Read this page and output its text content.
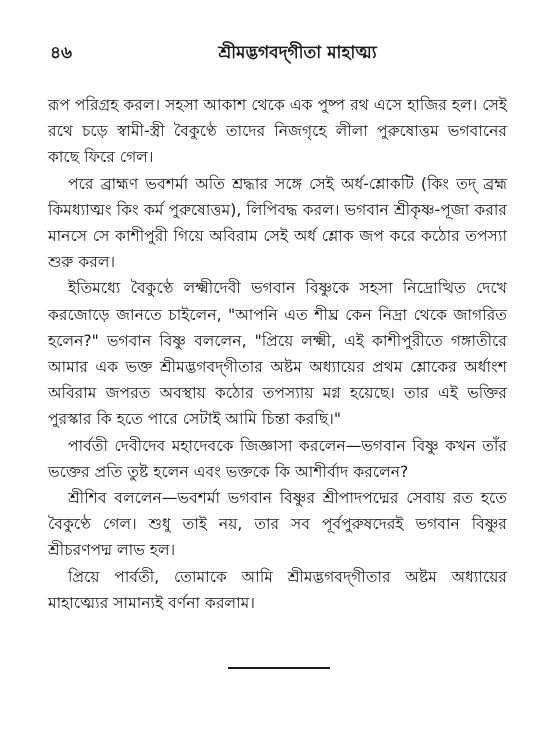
৪৬	শ্রীমদ্ভগবদ্‌গীতা মাহাত্ম্য

রূপ পরিগ্রহ করল। সহসা আকাশ থেকে এক পুষ্প রথ এসে হাজির হল। সেই রথে চড়ে স্বামী-স্ত্রী বৈকুণ্ঠে তাদের নিজগৃহে লীলা পুরুষোত্তম ভগবানের কাছে ফিরে গেল।

পরে ব্রাহ্মণ ভবশর্মা অতি শ্রদ্ধার সঙ্গে সেই অর্ধ-শ্লোকটি (কিং তদ্ ব্রহ্ম কিমধ্যাত্মং কিং কর্ম পুরুষোত্তম), লিপিবদ্ধ করল। ভগবান শ্রীকৃষ্ণ-পূজা করার মানসে সে কাশীপুরী গিয়ে অবিরাম সেই অর্ধ শ্লোক জপ করে কঠোর তপস্যা শুরু করল।

ইতিমধ্যে বৈকুণ্ঠে লক্ষ্মীদেবী ভগবান বিষ্ণুকে সহসা নিদ্রোত্থিত দেখে করজোড়ে জানতে চাইলেন, "আপনি এত শীঘ্র কেন নিদ্রা থেকে জাগরিত হলেন?" ভগবান বিষ্ণু বললেন, "প্রিয়ে লক্ষ্মী, এই কাশীপুরীতে গঙ্গাতীরে আমার এক ভক্ত শ্রীমদ্ভগবদ্‌গীতার অষ্টম অধ্যায়ের প্রথম শ্লোকের অর্ধাংশ অবিরাম জপরত অবস্থায় কঠোর তপস্যায় মগ্ন হয়েছে। তার এই ভক্তির পুরস্কার কি হতে পারে সেটাই আমি চিন্তা করছি।"

পার্বতী দেবীদেব মহাদেবকে জিজ্ঞাসা করলেন—ভগবান বিষ্ণু কখন তাঁর ভক্তের প্রতি তুষ্ট হলেন এবং ভক্তকে কি আশীর্বাদ করলেন?

শ্রীশিব বললেন—ভবশর্মা ভগবান বিষ্ণুর শ্রীপাদপদ্মের সেবায় রত হতে বৈকুণ্ঠে গেল। শুধু তাই নয়, তার সব পূর্বপুরুষদেরই ভগবান বিষ্ণুর শ্রীচরণপদ্ম লাভ হল।

প্রিয়ে পার্বতী, তোমাকে আমি শ্রীমদ্ভগবদ্‌গীতার অষ্টম অধ্যায়ের মাহাত্ম্যের সামান্যই বর্ণনা করলাম।
